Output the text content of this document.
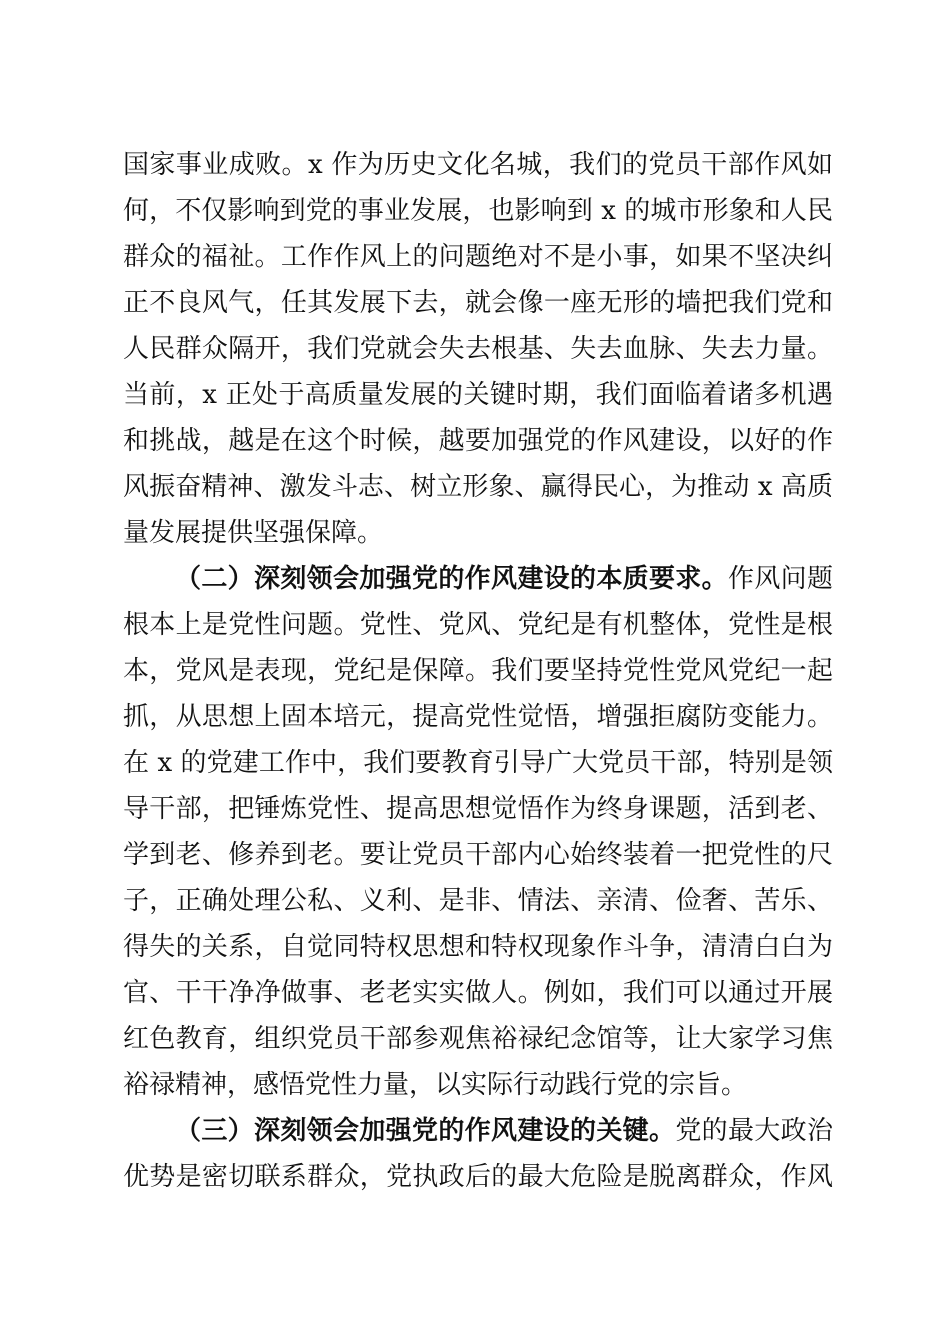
国家事业成败。x 作为历史文化名城，我们的党员干部作风如
何，不仅影响到党的事业发展，也影响到 x 的城市形象和人民
群众的福祉。工作作风上的问题绝对不是小事，如果不坚决纠
正不良风气，任其发展下去，就会像一座无形的墙把我们党和
人民群众隔开，我们党就会失去根基、失去血脉、失去力量。
当前，x 正处于高质量发展的关键时期，我们面临着诸多机遇
和挑战，越是在这个时候，越要加强党的作风建设，以好的作
风振奋精神、激发斗志、树立形象、赢得民心，为推动 x 高质
量发展提供坚强保障。
（二）深刻领会加强党的作风建设的本质要求。作风问题
根本上是党性问题。党性、党风、党纪是有机整体，党性是根
本，党风是表现，党纪是保障。我们要坚持党性党风党纪一起
抓，从思想上固本培元，提高党性觉悟，增强拒腐防变能力。
在 x 的党建工作中，我们要教育引导广大党员干部，特别是领
导干部，把锤炼党性、提高思想觉悟作为终身课题，活到老、
学到老、修养到老。要让党员干部内心始终装着一把党性的尺
子，正确处理公私、义利、是非、情法、亲清、俭奢、苦乐、
得失的关系，自觉同特权思想和特权现象作斗争，清清白白为
官、干干净净做事、老老实实做人。例如，我们可以通过开展
红色教育，组织党员干部参观焦裕禄纪念馆等，让大家学习焦
裕禄精神，感悟党性力量，以实际行动践行党的宗旨。
（三）深刻领会加强党的作风建设的关键。党的最大政治
优势是密切联系群众，党执政后的最大危险是脱离群众，作风
